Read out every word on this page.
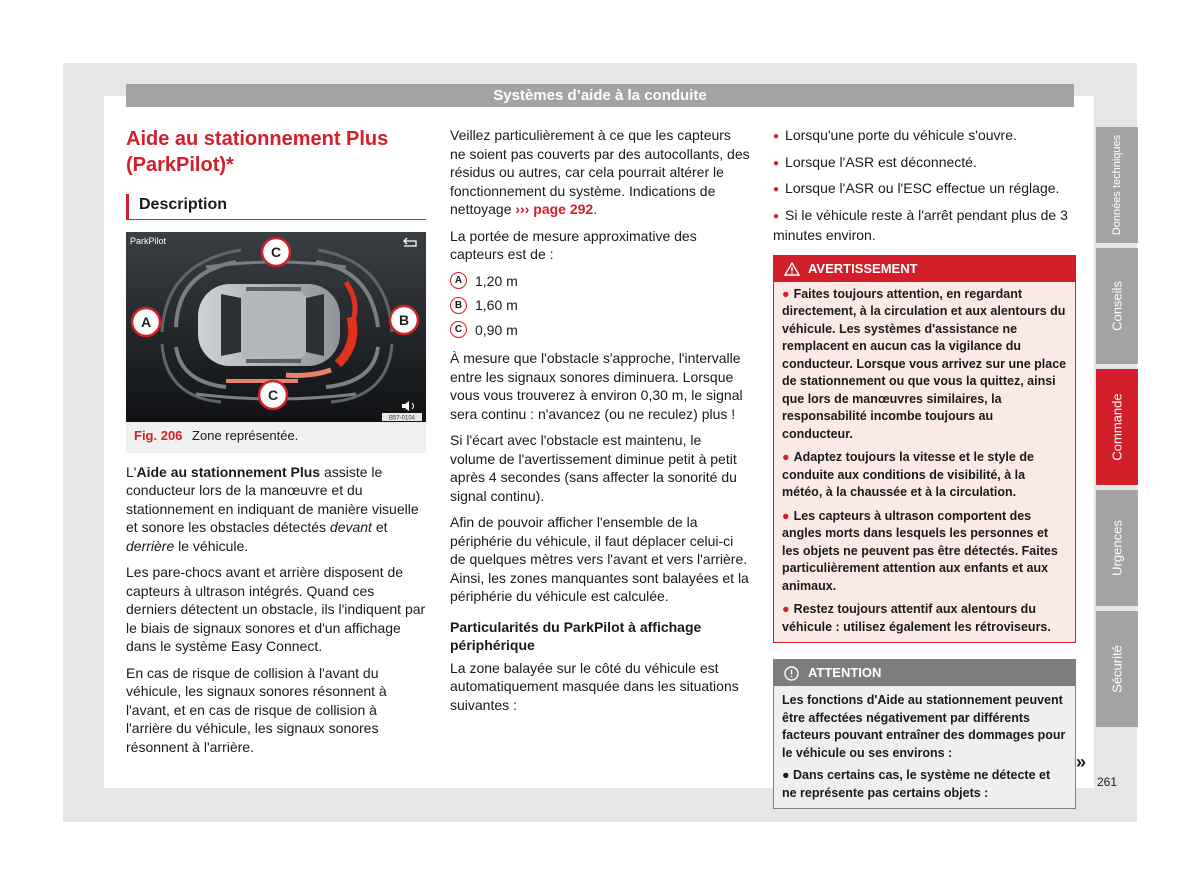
Systèmes d’aide à la conduite
Aide au stationnement Plus
(ParkPilot)*
Description
ParkPilot
C
A	B
C
B57-0104
Fig. 206 Zone représentée.

L'Aide au stationnement Plus assiste le conducteur lors de la manœuvre et du stationnement en indiquant de manière visuelle et sonore les obstacles détectés devant et derrière le véhicule.

Les pare-chocs avant et arrière disposent de capteurs à ultrason intégrés. Quand ces derniers détectent un obstacle, ils l'indiquent par le biais de signaux sonores et d'un affichage dans le système Easy Connect.

En cas de risque de collision à l'avant du véhicule, les signaux sonores résonnent à l'avant, et en cas de risque de collision à l'arrière du véhicule, les signaux sonores résonnent à l'arrière.

Veillez particulièrement à ce que les capteurs ne soient pas couverts par des autocollants, des résidus ou autres, car cela pourrait altérer le fonctionnement du système. Indications de nettoyage ››› page 292.

La portée de mesure approximative des capteurs est de :

A 1,20 m
B 1,60 m
C 0,90 m

À mesure que l'obstacle s'approche, l'intervalle entre les signaux sonores diminuera. Lorsque vous vous trouverez à environ 0,30 m, le signal sera continu : n'avancez (ou ne reculez) plus !

Si l'écart avec l'obstacle est maintenu, le volume de l'avertissement diminue petit à petit après 4 secondes (sans affecter la sonorité du signal continu).

Afin de pouvoir afficher l'ensemble de la périphérie du véhicule, il faut déplacer celui-ci de quelques mètres vers l'avant et vers l'arrière. Ainsi, les zones manquantes sont balayées et la périphérie du véhicule est calculée.

Particularités du ParkPilot à affichage périphérique

La zone balayée sur le côté du véhicule est automatiquement masquée dans les situations suivantes :

● Lorsqu'une porte du véhicule s'ouvre.
● Lorsque l'ASR est déconnecté.
● Lorsque l'ASR ou l'ESC effectue un réglage.
● Si le véhicule reste à l'arrêt pendant plus de 3 minutes environ.
AVERTISSEMENT

● Faites toujours attention, en regardant directement, à la circulation et aux alentours du véhicule. Les systèmes d'assistance ne remplacent en aucun cas la vigilance du conducteur. Lorsque vous arrivez sur une place de stationnement ou que vous la quittez, ainsi que lors de manœuvres similaires, la responsabilité incombe toujours au conducteur.

● Adaptez toujours la vitesse et le style de conduite aux conditions de visibilité, à la météo, à la chaussée et à la circulation.

● Les capteurs à ultrason comportent des angles morts dans lesquels les personnes et les objets ne peuvent pas être détectés. Faites particulièrement attention aux enfants et aux animaux.

● Restez toujours attentif aux alentours du véhicule : utilisez également les rétroviseurs.

ATTENTION

Les fonctions d'Aide au stationnement peuvent être affectées négativement par différents facteurs pouvant entraîner des dommages pour le véhicule ou ses environs :

● Dans certains cas, le système ne détecte et ne représente pas certains objets :

»
261
Données techniques
Conseils
Commande
Urgences
Sécurité
